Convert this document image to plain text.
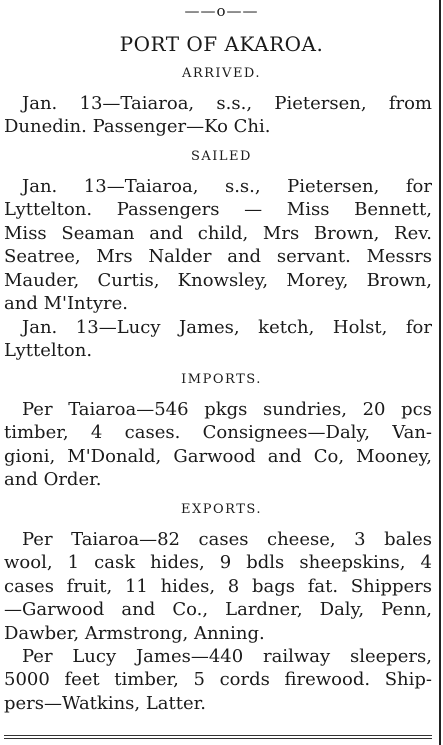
——o——
PORT OF AKAROA.
ARRIVED.
Jan. 13—Taiaroa, s.s., Pietersen, from
Dunedin. Passenger—Ko Chi.
SAILED
Jan. 13—Taiaroa, s.s., Pietersen, for
Lyttelton. Passengers — Miss Bennett,
Miss Seaman and child, Mrs Brown, Rev.
Seatree, Mrs Nalder and servant. Messrs
Mauder, Curtis, Knowsley, Morey, Brown,
and M'Intyre.
Jan. 13—Lucy James, ketch, Holst, for
Lyttelton.
IMPORTS.
Per Taiaroa—546 pkgs sundries, 20 pcs
timber, 4 cases. Consignees—Daly, Van-
gioni, M'Donald, Garwood and Co, Mooney,
and Order.
EXPORTS.
Per Taiaroa—82 cases cheese, 3 bales
wool, 1 cask hides, 9 bdls sheepskins, 4
cases fruit, 11 hides, 8 bags fat. Shippers
—Garwood and Co., Lardner, Daly, Penn,
Dawber, Armstrong, Anning.
Per Lucy James—440 railway sleepers,
5000 feet timber, 5 cords firewood. Ship-
pers—Watkins, Latter.
